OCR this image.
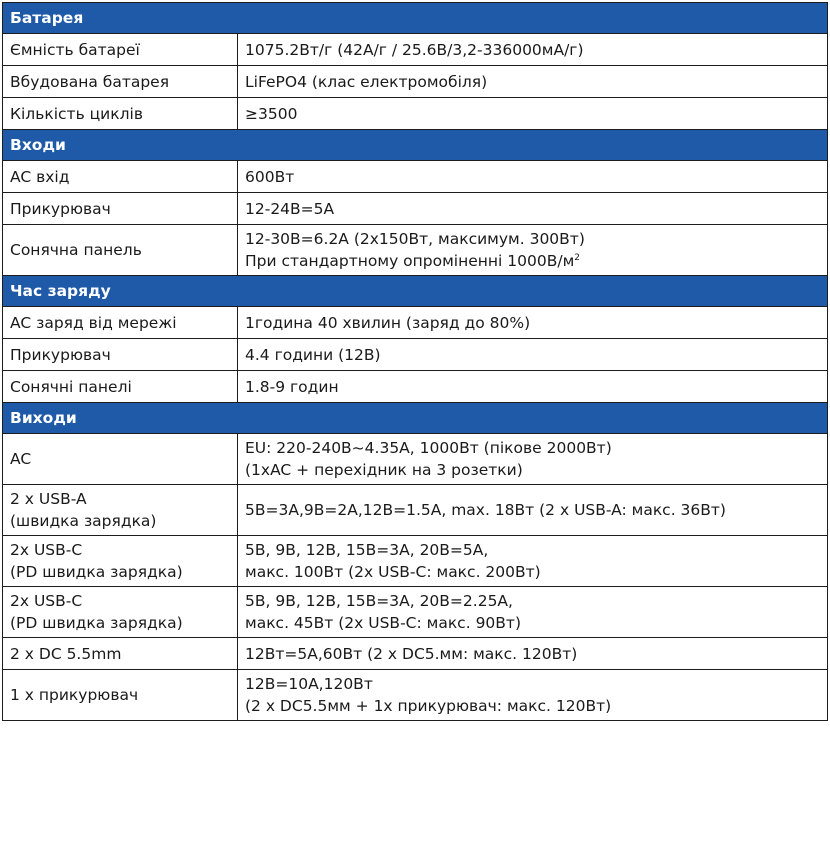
Батарея	

Ємність батареї	1075.2Вт/г (42А/г / 25.6В/3,2-336000мА/г)

Вбудована батарея	LiFePO4 (клас електромобіля)

Кількість циклів	≥3500

Входи	

AC вхід	600Вт

Прикурювач	12-24В=5А

Сонячна панель	12-30В=6.2А (2х150Вт, максимум. 300Вт)
При стандартному опроміненні $1000В/м^2$

Час заряду	

AC заряд від мережі	1година 40 хвилин (заряд до 80%)

Прикурювач	4.4 години (12В)

Сонячні панелі	1.8-9 годин

Виходи	

AC	EU: 220-240В~4.35А, 1000Вт (пікове 2000Вт)
(1хAC + перехідник на 3 розетки)

2 x USB-A
(швидка зарядка)	5В=3А,9В=2А,12В=1.5А, max. 18Вт (2 x USB-A: макс. 36Вт)

2x USB-C
(PD швидка зарядка)	5В, 9В, 12В, 15В=3А, 20В=5А,
макс. 100Вт (2x USB-C: макс. 200Вт)

2x USB-C
(PD швидка зарядка)	5В, 9В, 12В, 15В=3А, 20В=2.25А,
макс. 45Вт (2x USB-C: макс. 90Вт)

2 x DC 5.5mm	12Вт=5А,60Вт (2 x DC5.мм: макс. 120Вт)

1 x прикурювач	12В=10А,120Вт
(2 x DC5.5мм + 1х прикурювач: макс. 120Вт)
